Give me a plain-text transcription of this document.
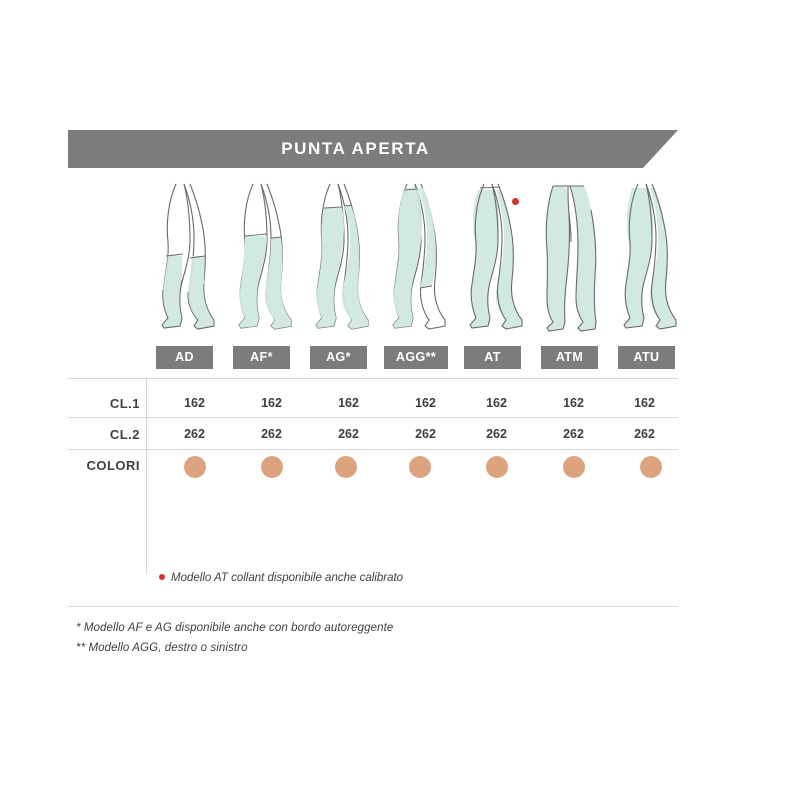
PUNTA APERTA
AD	AF*	AG*	AGG**	AT	ATM	ATU
CL.1	162	162	162	162	162	162	162
CL.2	262	262	262	262	262	262	262
COLORI
Modello AT collant disponibile anche calibrato
* Modello AF e AG disponibile anche con bordo autoreggente
** Modello AGG, destro o sinistro
